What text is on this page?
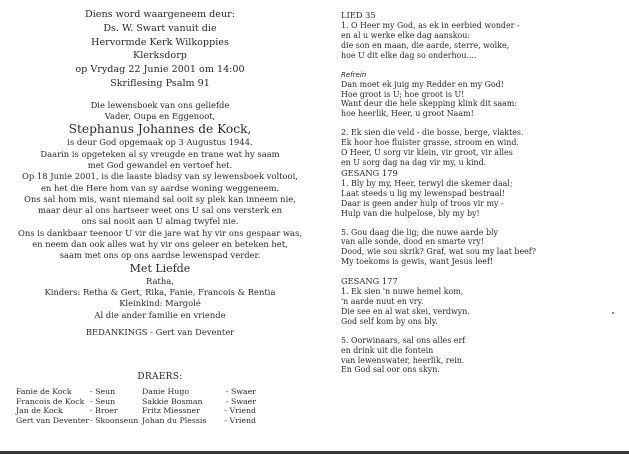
Diens word waargeneem deur:
Ds. W. Swart vanuit die
Hervormde Kerk Wilkoppies
Klerksdorp
op Vrydag 22 Junie 2001 om 14:00
Skriflesing Psalm 91
Die lewensboek van ons geliefde
Vader, Oupa en Eggenoot,
Stephanus Johannes de Kock,
is deur God opgemaak op 3 Augustus 1944.
Daarin is opgeteken al sy vreugde en trane wat hy saam
met God gewandel en vertoef het.
Op 18 Junie 2001, is die laaste bladsy van sy lewensboek voltooi,
en het die Here hom van sy aardse woning weggeneem.
Ons sal hom mis, want niemand sal ooit sy plek kan inneem nie,
maar deur al ons hartseer weet ons U sal ons versterk en
ons sal nooit aan U almag twyfel nie.
Ons is dankbaar teenoor U vir die jare wat hy vir ons gespaar was,
en neem dan ook alles wat hy vir ons geleer en beteken het,
saam met ons op ons aardse lewenspad verder.
Met Liefde
Ratha,
Kinders: Retha & Gert, Rika, Fanie, Francois & Rentia
Kleinkind: Margolé
Al die ander familie en vriende
BEDANKINGS - Gert van Deventer
DRAERS:
Fanie de Kock	- Seun	Danie Hugo	- Swaer
Francois de Kock	- Seun	Sakkie Bosman	- Swaer
Jan de Kock	- Broer	Fritz Miessner	- Vriend
Gert van Deventer	- Skoonseun	Johan du Plessis	- Vriend
LIED 35
1. O Heer my God, as ek in eerbied wonder -
en al u werke elke dag aanskou:
die son en maan, die aarde, sterre, wolke,
hoe U dit elke dag so onderhou....
Refrein
Dan moet ek juig my Redder en my God!
Hoe groot is U; hoe groot is U!
Want deur die hele skepping klink dit saam:
hoe heerlik, Heer, u groot Naam!
2. Ek sien die veld - die bosse, berge, vlaktes.
Ek hoor hoe fluister grasse, stroom en wind.
O Heer, U sorg vir klein, vir groot, vir alles
en U sorg dag na dag vir my, u kind.
GESANG 179
1. Bly by my, Heer, terwyl die skemer daal;
Laat steeds u lig my lewenspad bestraal!
Daar is geen ander hulp of troos vir my -
Hulp van die hulpelose, bly my by!
5. Gou daag die lig; die nuwe aarde bly
van alle sonde, dood en smarte vry!
Dood, wie sou skrik? Graf, wat sou my laat beef?
My toekoms is gewis, want Jesus leef!
GESANG 177
1. Ek sien 'n nuwe hemel kom,
'n aarde nuut en vry.
Die see en al wat skei, verdwyn.
God self kom by ons bly.
5. Oorwinaars, sal ons alles erf
en drink uit die fontein
van lewenswater, heerlik, rein.
En God sal oor ons skyn.
